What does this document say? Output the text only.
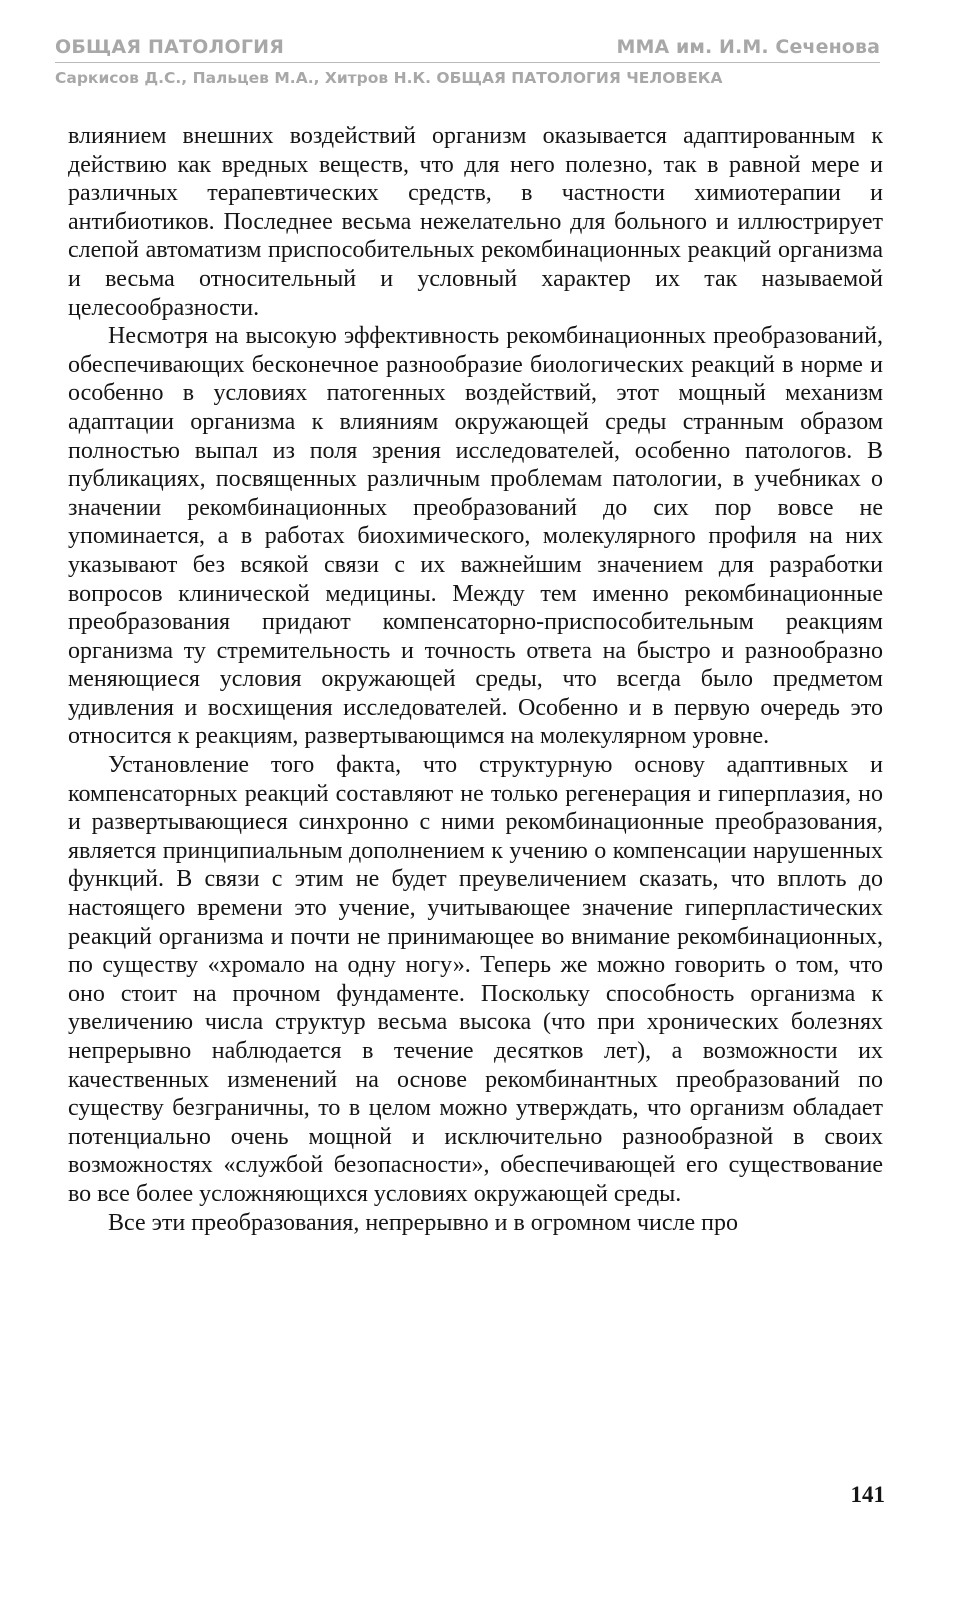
ОБЩАЯ ПАТОЛОГИЯ	ММА им. И.М. Сеченова
Саркисов Д.С., Пальцев М.А., Хитров Н.К. ОБЩАЯ ПАТОЛОГИЯ ЧЕЛОВЕКА

влиянием внешних воздействий организм оказывается адаптированным к действию как вредных веществ, что для него полезно, так в равной мере и различных терапевтических средств, в частности химиотерапии и антибиотиков. Последнее весьма нежелательно для больного и иллюстрирует слепой автоматизм приспособительных рекомбинационных реакций организма и весьма относительный и условный характер их так называемой целесообразности.

Несмотря на высокую эффективность рекомбинационных преобразований, обеспечивающих бесконечное разнообразие биологических реакций в норме и особенно в условиях патогенных воздействий, этот мощный механизм адаптации организма к влияниям окружающей среды странным образом полностью выпал из поля зрения исследователей, особенно патологов. В публикациях, посвященных различным проблемам патологии, в учебниках о значении рекомбинационных преобразований до сих пор вовсе не упоминается, а в работах биохимического, молекулярного профиля на них указывают без всякой связи с их важнейшим значением для разработки вопросов клинической медицины. Между тем именно рекомбинационные преобразования придают компенсаторно-приспособительным реакциям организма ту стремительность и точность ответа на быстро и разнообразно меняющиеся условия окружающей среды, что всегда было предметом удивления и восхищения исследователей. Особенно и в первую очередь это относится к реакциям, развертывающимся на молекулярном уровне.

Установление того факта, что структурную основу адаптивных и компенсаторных реакций составляют не только регенерация и гиперплазия, но и развертывающиеся синхронно с ними рекомбинационные преобразования, является принципиальным дополнением к учению о компенсации нарушенных функций. В связи с этим не будет преувеличением сказать, что вплоть до настоящего времени это учение, учитывающее значение гиперпластических реакций организма и почти не принимающее во внимание рекомбинационных, по существу «хромало на одну ногу». Теперь же можно говорить о том, что оно стоит на прочном фундаменте. Поскольку способность организма к увеличению числа структур весьма высока (что при хронических болезнях непрерывно наблюдается в течение десятков лет), а возможности их качественных изменений на основе рекомбинантных преобразований по существу безграничны, то в целом можно утверждать, что организм обладает потенциально очень мощной и исключительно разнообразной в своих возможностях «службой безопасности», обеспечивающей его существование во все более усложняющихся условиях окружающей среды.

Все эти преобразования, непрерывно и в огромном числе про

141
